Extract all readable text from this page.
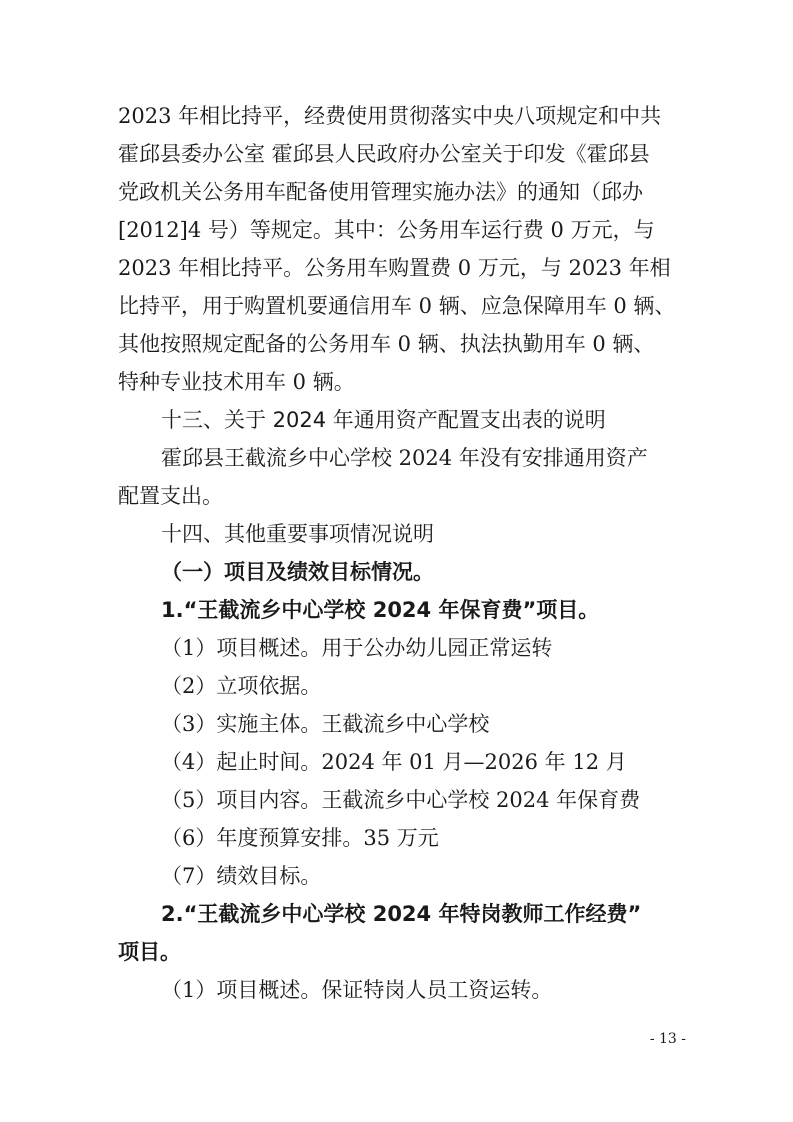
2023 年相比持平，经费使用贯彻落实中央八项规定和中共
霍邱县委办公室 霍邱县人民政府办公室关于印发《霍邱县
党政机关公务用车配备使用管理实施办法》的通知（邱办
[2012]4 号）等规定。其中：公务用车运行费 0 万元，与
2023 年相比持平。公务用车购置费 0 万元，与 2023 年相
比持平，用于购置机要通信用车 0 辆、应急保障用车 0 辆、
其他按照规定配备的公务用车 0 辆、执法执勤用车 0 辆、
特种专业技术用车 0 辆。
十三、关于 2024 年通用资产配置支出表的说明
霍邱县王截流乡中心学校 2024 年没有安排通用资产
配置支出。
十四、其他重要事项情况说明
（一）项目及绩效目标情况。
1.“王截流乡中心学校 2024 年保育费”项目。
（1）项目概述。用于公办幼儿园正常运转
（2）立项依据。
（3）实施主体。王截流乡中心学校
（4）起止时间。2024 年 01 月—2026 年 12 月
（5）项目内容。王截流乡中心学校 2024 年保育费
（6）年度预算安排。35 万元
（7）绩效目标。
2.“王截流乡中心学校 2024 年特岗教师工作经费”
项目。
（1）项目概述。保证特岗人员工资运转。
- 13 -
